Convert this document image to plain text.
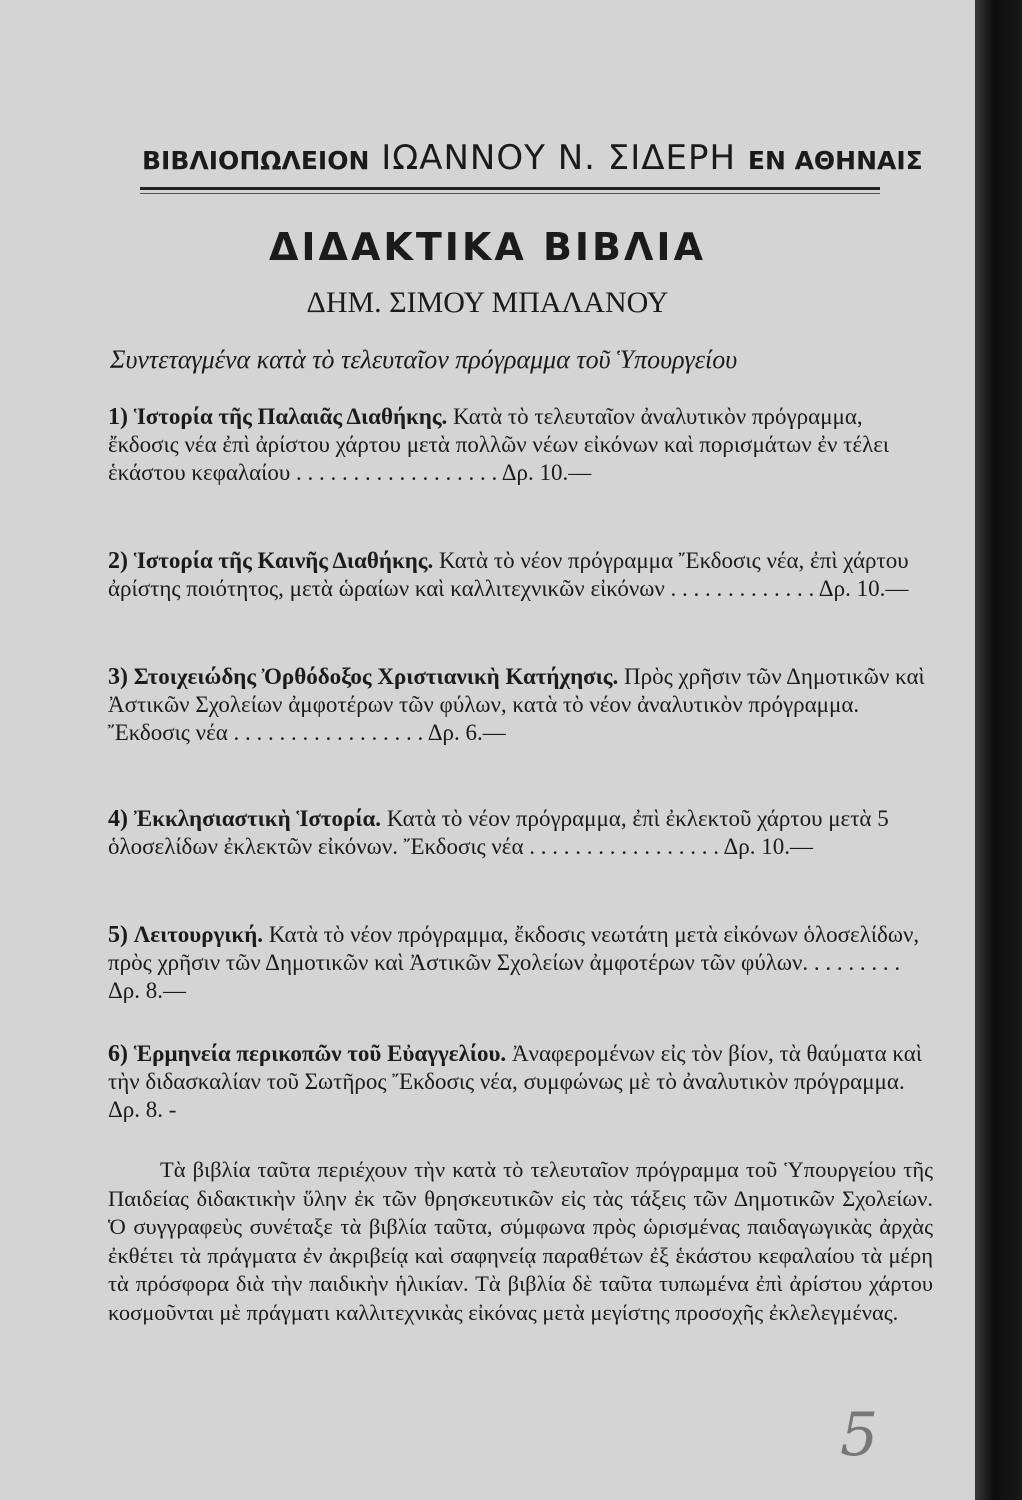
ΒΙΒΛΙΟΠΩΛΕΙΟΝ ΙΩΑΝΝΟΥ Ν. ΣΙΔΕΡΗ ΕΝ ΑΘΗΝΑΙΣ
ΔΙΔΑΚΤΙΚΑ ΒΙΒΛΙΑ
ΔΗΜ. ΣΙΜΟΥ ΜΠΑΛΑΝΟΥ
Συντεταγμένα κατὰ τὸ τελευταῖον πρόγραμμα τοῦ Ὑπουργείου
1) Ἱστορία τῆς Παλαιᾶς Διαθήκης. Κατὰ τὸ τελευταῖον ἀναλυτικὸν πρόγραμμα, ἔκδοσις νέα ἐπὶ ἀρίστου χάρτου μετὰ πολλῶν νέων εἰκόνων καὶ πορισμάτων ἐν τέλει ἑκάστου κεφαλαίου . . . . . . . . . . . . . . . . . . Δρ. 10.—
2) Ἱστορία τῆς Καινῆς Διαθήκης. Κατὰ τὸ νέον πρόγραμμα Ἔκδοσις νέα, ἐπὶ χάρτου ἀρίστης ποιότητος, μετὰ ὡραίων καὶ καλλιτεχνικῶν εἰκόνων . . . . . . . . . . . . . Δρ. 10.—
3) Στοιχειώδης Ὀρθόδοξος Χριστιανικὴ Κατήχησις. Πρὸς χρῆσιν τῶν Δημοτικῶν καὶ Ἀστικῶν Σχολείων ἀμφοτέρων τῶν φύλων, κατὰ τὸ νέον ἀναλυτικὸν πρόγραμμα. Ἔκδοσις νέα . . . . . . . . . . . . . . . . . Δρ. 6.—
4) Ἐκκλησιαστικὴ Ἱστορία. Κατὰ τὸ νέον πρόγραμμα, ἐπὶ ἐκλεκτοῦ χάρτου μετὰ 5 ὁλοσελίδων ἐκλεκτῶν εἰκόνων. Ἔκδοσις νέα . . . . . . . . . . . . . . . . . Δρ. 10.—
5) Λειτουργική. Κατὰ τὸ νέον πρόγραμμα, ἔκδοσις νεωτάτη μετὰ εἰκόνων ὁλοσελίδων, πρὸς χρῆσιν τῶν Δημοτικῶν καὶ Ἀστικῶν Σχολείων ἀμφοτέρων τῶν φύλων. . . . . . . . . Δρ. 8.—
6) Ἑρμηνεία περικοπῶν τοῦ Εὐαγγελίου. Ἀναφερομένων εἰς τὸν βίον, τὰ θαύματα καὶ τὴν διδασκαλίαν τοῦ Σωτῆρος Ἔκδοσις νέα, συμφώνως μὲ τὸ ἀναλυτικὸν πρόγραμμα. Δρ. 8. -
Τὰ βιβλία ταῦτα περιέχουν τὴν κατὰ τὸ τελευταῖον πρόγραμμα τοῦ Ὑπουργείου τῆς Παιδείας διδακτικὴν ὕλην ἐκ τῶν θρησκευτικῶν εἰς τὰς τάξεις τῶν Δημοτικῶν Σχολείων. Ὁ συγγραφεὺς συνέταξε τὰ βιβλία ταῦτα, σύμφωνα πρὸς ὡρισμένας παιδαγωγικὰς ἀρχὰς ἐκθέτει τὰ πράγματα ἐν ἀκριβείᾳ καὶ σαφηνείᾳ παραθέτων ἐξ ἑκάστου κεφαλαίου τὰ μέρη τὰ πρόσφορα διὰ τὴν παιδικὴν ἡλικίαν. Τὰ βιβλία δὲ ταῦτα τυπωμένα ἐπὶ ἀρίστου χάρτου κοσμοῦνται μὲ πράγματι καλλιτεχνικὰς εἰκόνας μετὰ μεγίστης προσοχῆς ἐκλελεγμένας.
5
